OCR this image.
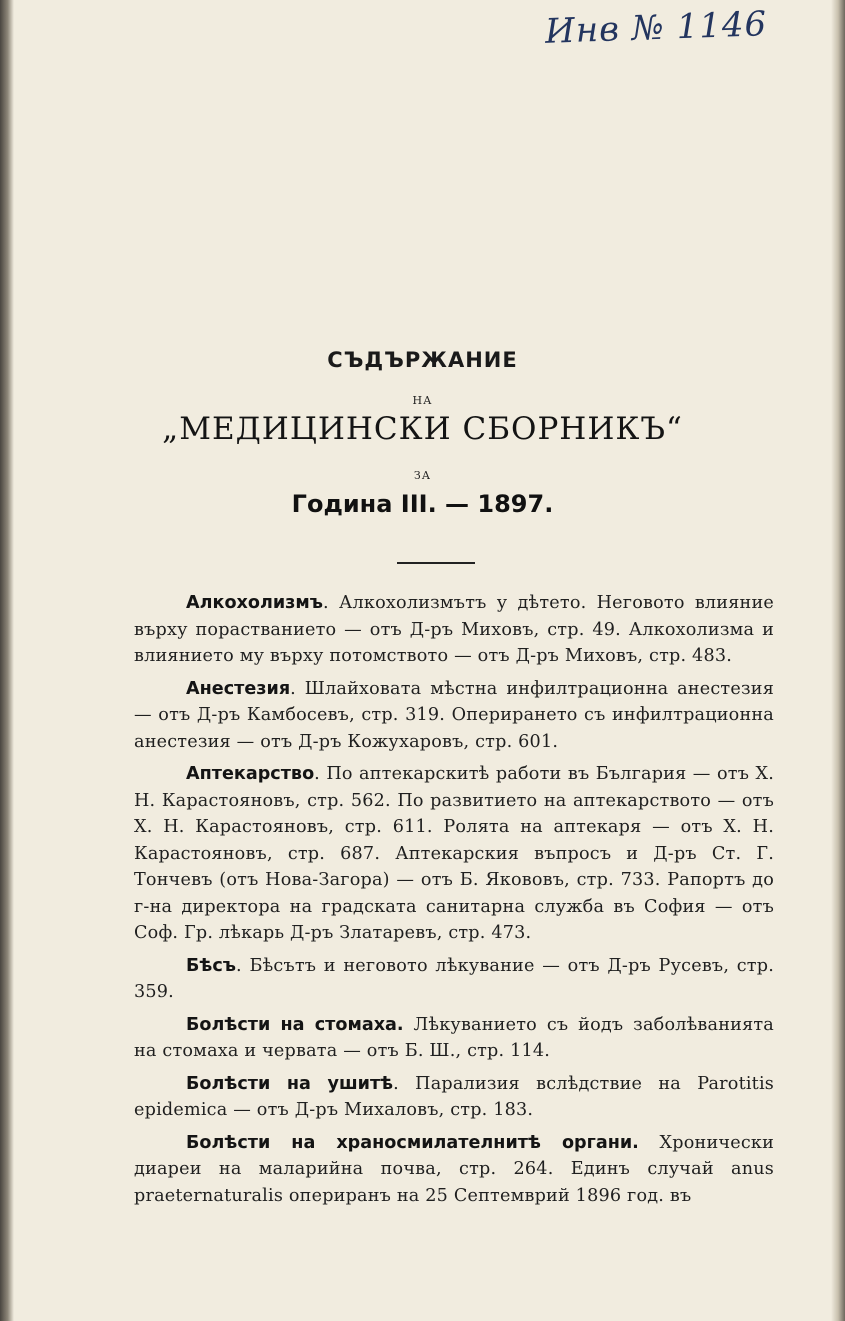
Инв № 1146
СЪДЪРЖАНИЕ
НА
„МЕДИЦИНСКИ СБОРНИКЪ“
ЗА
Година III. — 1897.

Алкохолизмъ. Алкохолизмътъ у дѣтето. Неговото влияние върху порастванието — отъ Д-ръ Миховъ, стр. 49. Алкохолизма и влиянието му върху потомството — отъ Д-ръ Миховъ, стр. 483.

Анестезия. Шлайховата мѣстна инфилтрационна анестезия — отъ Д-ръ Камбосевъ, стр. 319. Оперирането съ инфилтрационна анестезия — отъ Д-ръ Кожухаровъ, стр. 601.

Аптекарство. По аптекарскитѣ работи въ България — отъ Х. Н. Карастояновъ, стр. 562. По развитието на аптекарството — отъ Х. Н. Карастояновъ, стр. 611. Ролята на аптекаря — отъ Х. Н. Карастояновъ, стр. 687. Аптекарския въпросъ и Д-ръ Ст. Г. Тончевъ (отъ Нова-Загора) — отъ Б. Якововъ, стр. 733. Рапортъ до г-на директора на градската санитарна служба въ София — отъ Соф. Гр. лѣкарь Д-ръ Златаревъ, стр. 473.

Бѣсъ. Бѣсътъ и неговото лѣкувание — отъ Д-ръ Русевъ, стр. 359.

Болѣсти на стомаха. Лѣкуванието съ йодъ заболѣванията на стомаха и червата — отъ Б. Ш., стр. 114.

Болѣсти на ушитѣ. Парализия вслѣдствие на Parotitis epidemica — отъ Д-ръ Михаловъ, стр. 183.

Болѣсти на храносмилателнитѣ органи. Хронически диареи на маларийна почва, стр. 264. Единъ случай anus praeternaturalis опериранъ на 25 Септемврий 1896 год. въ
